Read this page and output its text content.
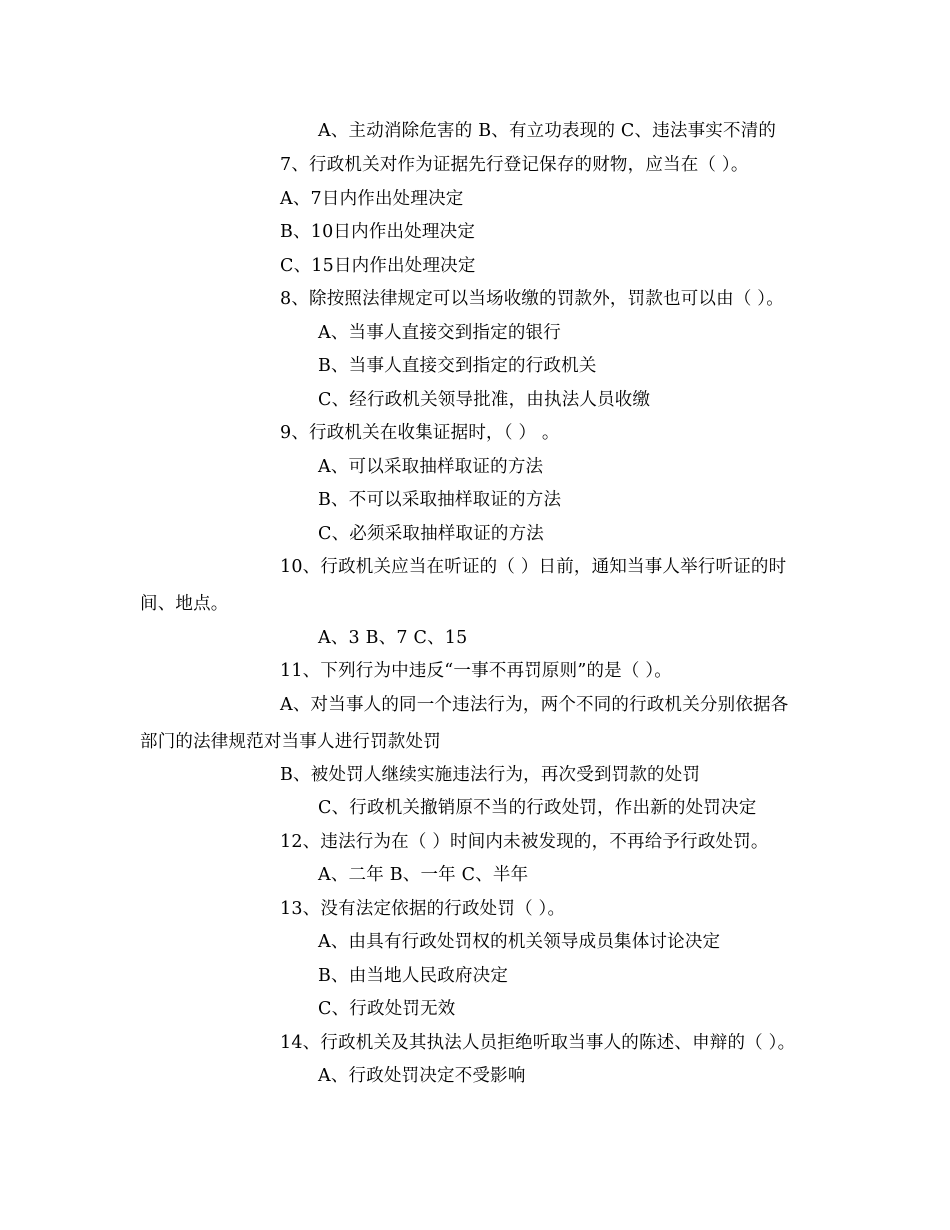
A、主动消除危害的 B、有立功表现的 C、违法事实不清的
7、行政机关对作为证据先行登记保存的财物，应当在（ ）。
A、7日内作出处理决定
B、10日内作出处理决定
C、15日内作出处理决定
8、除按照法律规定可以当场收缴的罚款外，罚款也可以由（ ）。
A、当事人直接交到指定的银行
B、当事人直接交到指定的行政机关
C、经行政机关领导批准，由执法人员收缴
9、行政机关在收集证据时，（ ） 。
A、可以采取抽样取证的方法
B、不可以采取抽样取证的方法
C、必须采取抽样取证的方法
10、行政机关应当在听证的（ ）日前，通知当事人举行听证的时
间、地点。
A、3 B、7 C、15
11、下列行为中违反“一事不再罚原则”的是（ ）。
A、对当事人的同一个违法行为，两个不同的行政机关分别依据各
部门的法律规范对当事人进行罚款处罚
B、被处罚人继续实施违法行为，再次受到罚款的处罚
C、行政机关撤销原不当的行政处罚，作出新的处罚决定
12、违法行为在（ ）时间内未被发现的，不再给予行政处罚。
A、二年 B、一年 C、半年
13、没有法定依据的行政处罚（ ）。
A、由具有行政处罚权的机关领导成员集体讨论决定
B、由当地人民政府决定
C、行政处罚无效
14、行政机关及其执法人员拒绝听取当事人的陈述、申辩的（ ）。
A、行政处罚决定不受影响
